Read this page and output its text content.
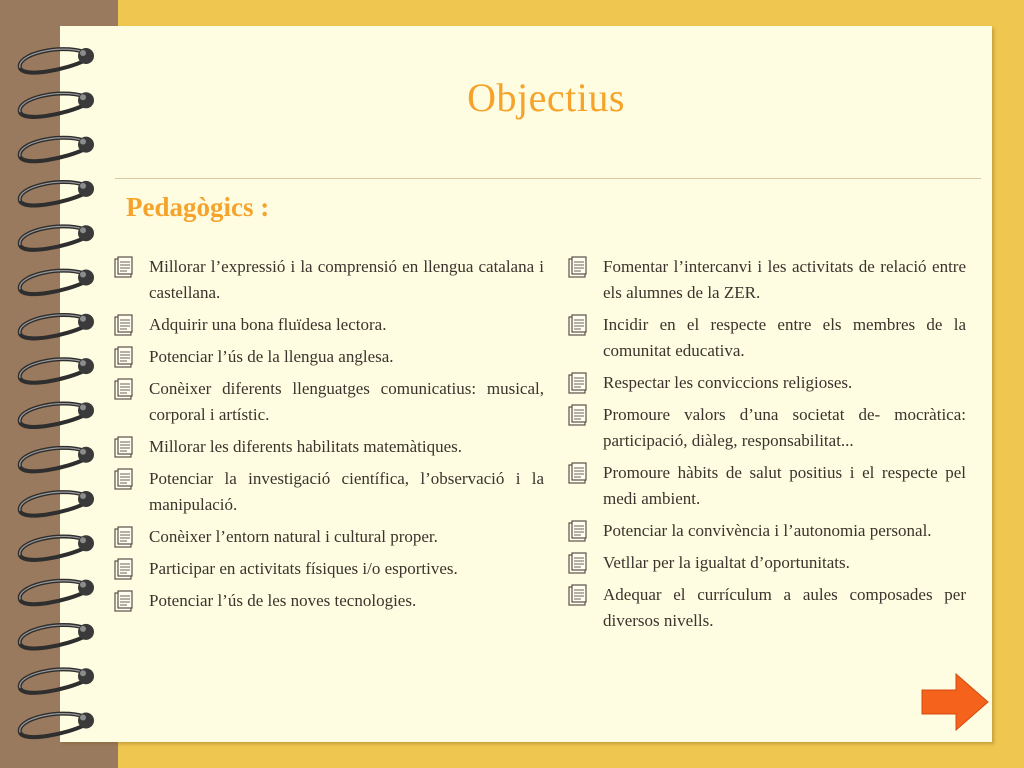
Objectius
Pedagògics :
Millorar l’expressió i la comprensió en llengua catalana i castellana.
Adquirir una bona fluïdesa lectora.
Potenciar l’ús de la llengua anglesa.
Conèixer diferents llenguatges comunicatius: musical, corporal i artístic.
Millorar les diferents habilitats matemàtiques.
Potenciar la investigació científica, l’observació i la manipulació.
Conèixer l’entorn natural i cultural proper.
Participar en activitats físiques i/o esportives.
Potenciar l’ús de les noves tecnologies.
Fomentar l’intercanvi i les activitats de relació entre els alumnes de la ZER.
Incidir en el respecte entre els membres de la comunitat educativa.
Respectar les conviccions religioses.
Promoure valors d’una societat de- mocràtica: participació, diàleg, responsabilitat...
Promoure hàbits de salut positius i el respecte pel medi ambient.
Potenciar la convivència i l’autonomia personal.
Vetllar per la igualtat d’oportunitats.
Adequar el currículum a aules composades per diversos nivells.
